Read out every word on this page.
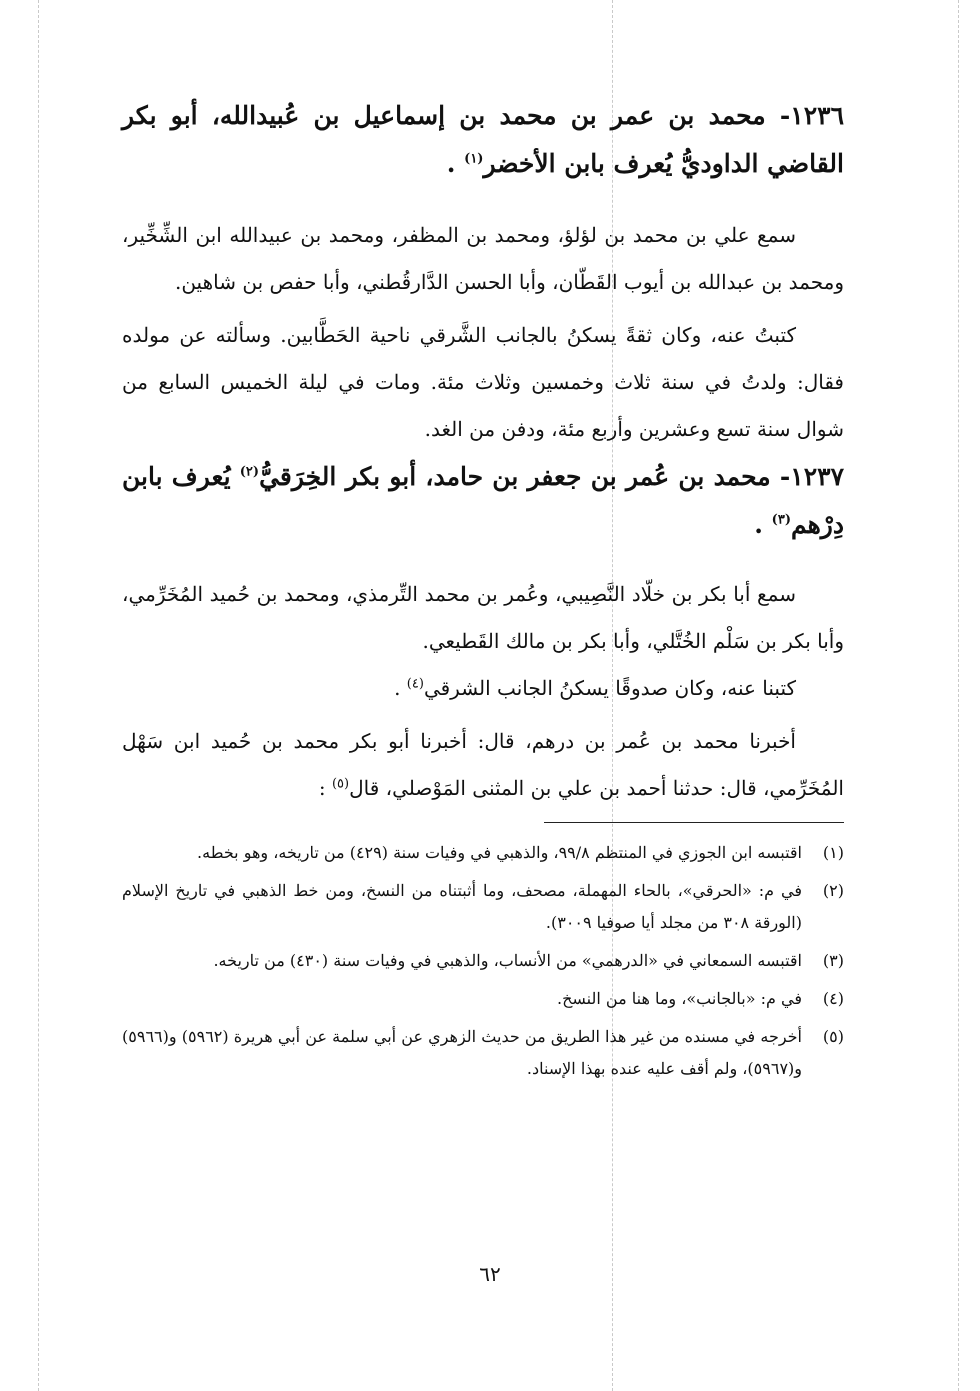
١٢٣٦- محمد بن عمر بن محمد بن إسماعيل بن عُبيدالله، أبو بكر القاضي الداوديُّ يُعرف بابن الأخضر$^{(١)}$ .

سمع علي بن محمد بن لؤلؤ، ومحمد بن المظفر، ومحمد بن عبيدالله ابن الشِّخِّير، ومحمد بن عبدالله بن أيوب القَطّان، وأبا الحسن الدَّارقُطني، وأبا حفص بن شاهين.

كتبتُ عنه، وكان ثقةً يسكنُ بالجانب الشَّرقي ناحية الحَطَّابين. وسألته عن مولده فقال: ولدتُ في سنة ثلاث وخمسين وثلاث مئة. ومات في ليلة الخميس السابع من شوال سنة تسع وعشرين وأربع مئة، ودفن من الغد.

١٢٣٧- محمد بن عُمر بن جعفر بن حامد، أبو بكر الخِرَقيُّ$^{(٢)}$ يُعرف بابن دِرْهم$^{(٣)}$ .

سمع أبا بكر بن خلّاد النَّصِيبي، وعُمر بن محمد التِّرمذي، ومحمد بن حُميد المُخَرِّمي، وأبا بكر بن سَلْم الخُتَّلي، وأبا بكر بن مالك القَطيعي.

كتبنا عنه، وكان صدوقًا يسكنُ الجانب الشرقي$^{(٤)}$ .

أخبرنا محمد بن عُمر بن درهم، قال: أخبرنا أبو بكر محمد بن حُميد ابن سَهْل المُخَرِّمي، قال: حدثنا أحمد بن علي بن المثنى المَوْصلي، قال$^{(٥)}$ :

(١)
اقتبسه ابن الجوزي في المنتظم ٩٩/٨، والذهبي في وفيات سنة (٤٢٩) من تاريخه، وهو بخطه.
(٢)
في م: «الحرقي»، بالحاء المهملة، مصحف، وما أثبتناه من النسخ، ومن خط الذهبي في تاريخ الإسلام (الورقة ٣٠٨ من مجلد أيا صوفيا ٣٠٠٩).
(٣)
اقتبسه السمعاني في «الدرهمي» من الأنساب، والذهبي في وفيات سنة (٤٣٠) من تاريخه.
(٤)
في م: «بالجانب»، وما هنا من النسخ.
(٥)
أخرجه في مسنده من غير هذا الطريق من حديث الزهري عن أبي سلمة عن أبي هريرة (٥٩٦٢) و(٥٩٦٦) و(٥٩٦٧)، ولم أقف عليه عنده بهذا الإسناد.
٦٢
